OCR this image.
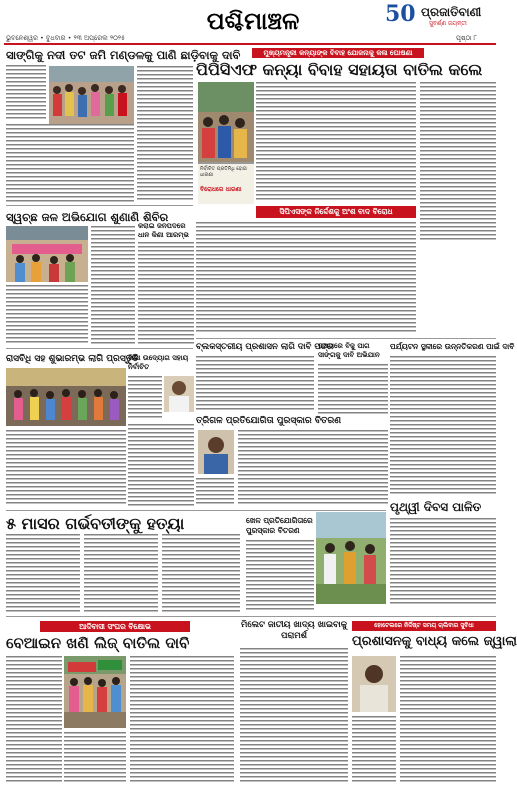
ପଶ୍ଚିମାଞ୍ଚଳ	50 ପ୍ରଜାତିବାଣୀ
ସୁବର୍ଣ୍ଣ ଜୟନ୍ତୀ
ଭୁବନେଶ୍ୱର • ବୁଧବାର • ୨୩ ଅପ୍ରେଲ ୨୦୨୫	ପୃଷ୍ଠା ୮
ସାଙ୍ଗିକୁ ନଦୀ ତଟ ଜମି ମଣ୍ଡଳକୁ ପାଣି ଛାଡ଼ିବାକୁ ଦାବି	ମୁଖ୍ୟମନ୍ତ୍ରୀ କନ୍ୟାଙ୍କ ବିବାହ ଯୋଜନାକୁ କଳା ଘୋଷଣା
ପିପିସିଏଫ କନ୍ୟା ବିବାହ ସହାୟତା ବାତିଲ କଲେ
ନିର୍ବାଚିତ ପ୍ରତିନିଧି ହୋଇ ଧାରଣା
ବିରୋଧରେ ଧାରଣା
ସିପିଏସଙ୍କ ନିର୍ଦ୍ଦେଶକୁ ଅଂଶ ବାଦ ବିରୋଧ
ସ୍ୱଚ୍ଛ ଜଳ ଅଭିଯୋଗ ଶୁଣାଣି ଶିବିର
କରାଇ ଜନପଦରେ ଧାନ କିଣା ଆରମ୍ଭ
ବ୍ଲକସ୍ତରୀୟ ପ୍ରଶାସନ ଲାଗି ଦାବି ପତ୍ର
ଦକ୍ଷତାରେ ବିଜୁ ପାଗ ସାଙ୍ଗକୁ ଦାବି ଅଭିଯାନ
ପର୍ଯ୍ୟଟନ ସ୍ଥଳୀରେ ଉନ୍ନତିକରଣ ପାଇଁ ଦାବି
ରାସବିଧି ସହ ଶୁଭାରମ୍ଭ ଲାଗି ପ୍ରସ୍ତୁତି
ଶିକ୍ଷା ଉଦ୍ୟୋଗ ସହାୟ ନିର୍ବାଚିତ
ତ୍ରିଗଳ ପ୍ରତିଯୋଗିତା ପୁରସ୍କାର ବିତରଣ
ପୃଥ୍ୱୀ ଦିବସ ପାଳିତ
୫ ମାସର ଗର୍ଭବତୀଙ୍କୁ ହତ୍ୟା	ଖେଳ ପ୍ରତିଯୋଗିତାରେ ପୁରସ୍କାର ବିତରଣ
ଆଦିବାସୀ ସଂଘର ବିକ୍ଷୋଭ
ବେଆଇନ ଖଣି ଲିଜ୍ ବାତିଲ ଦାବି
ମିଲେଟ ଜାତୀୟ ଖାଦ୍ୟ ଖାଇବାକୁ ପରାମର୍ଶ
ହୋଟେଲରେ ନିର୍ଦ୍ଦିଷ୍ଟ ସମୟ ଚାଲିବାର ସୁବିଧା
ପ୍ରଶାସନକୁ ବାଧ୍ୟ କଲେ ଜ୍ୱାଲା
